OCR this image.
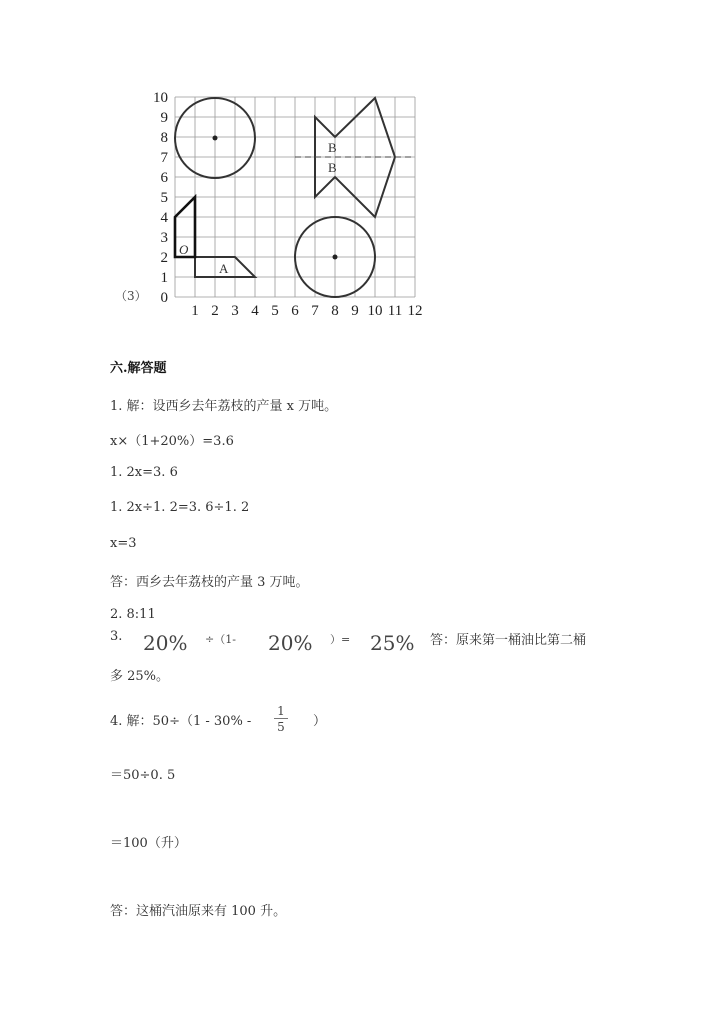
（3） 0
1
2
3
4
5
6
7
8
9
10
1 2 3 4 5 6 7 8 9 10 11 12
B
B
A
O
六.解答题
1. 解：设西乡去年荔枝的产量 x 万吨。
x×（1+20%）=3.6
1. 2x=3. 6
1. 2x÷1. 2=3. 6÷1. 2
x=3
答：西乡去年荔枝的产量 3 万吨。
2. 8:11
3. 20% ÷（1- 20% ）= 25% 答：原来第一桶油比第二桶
多 25%。
4. 解：$50\div(1 - 30\% - \frac{1}{5}$ ）
＝50÷0. 5
＝100（升）
答：这桶汽油原来有 100 升。
